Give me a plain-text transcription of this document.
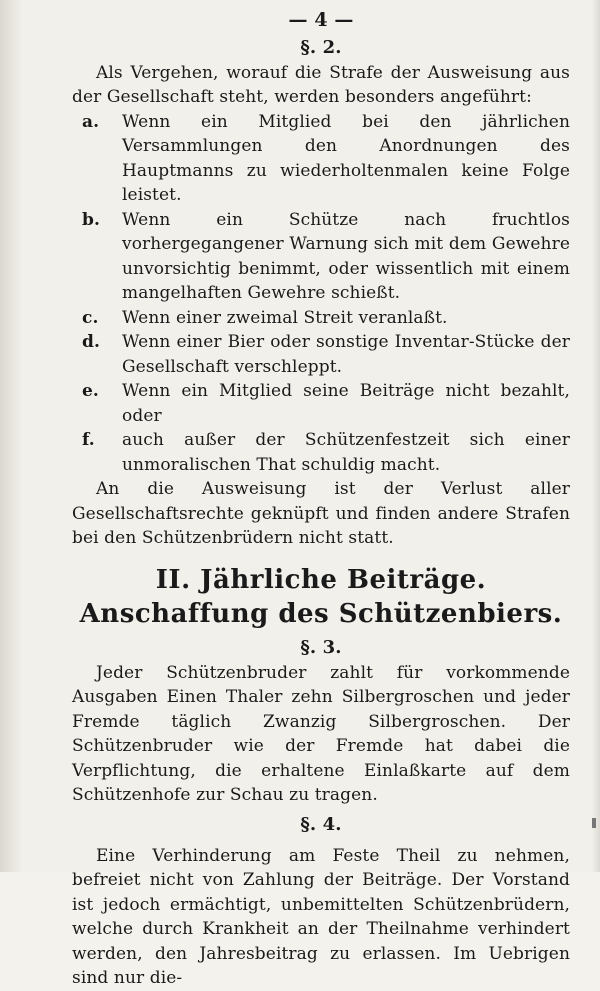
— 4 —
§. 2.
Als Vergehen, worauf die Strafe der Ausweisung aus der Gesellschaft steht, werden besonders angeführt:
a.	Wenn ein Mitglied bei den jährlichen Versammlungen den Anordnungen des Hauptmanns zu wiederholtenmalen keine Folge leistet.
b.	Wenn ein Schütze nach fruchtlos vorhergegangener Warnung sich mit dem Gewehre unvorsichtig benimmt, oder wissentlich mit einem mangelhaften Gewehre schießt.
c.	Wenn einer zweimal Streit veranlaßt.
d.	Wenn einer Bier oder sonstige Inventar-Stücke der Gesellschaft verschleppt.
e.	Wenn ein Mitglied seine Beiträge nicht bezahlt, oder
f.	auch außer der Schützenfestzeit sich einer unmoralischen That schuldig macht.
An die Ausweisung ist der Verlust aller Gesellschaftsrechte geknüpft und finden andere Strafen bei den Schützenbrüdern nicht statt.
II. Jährliche Beiträge.
Anschaffung des Schützenbiers.
§. 3.
Jeder Schützenbruder zahlt für vorkommende Ausgaben Einen Thaler zehn Silbergroschen und jeder Fremde täglich Zwanzig Silbergroschen. Der Schützenbruder wie der Fremde hat dabei die Verpflichtung, die erhaltene Einlaßkarte auf dem Schützenhofe zur Schau zu tragen.
§. 4.
Eine Verhinderung am Feste Theil zu nehmen, befreiet nicht von Zahlung der Beiträge. Der Vorstand ist jedoch ermächtigt, unbemittelten Schützenbrüdern, welche durch Krankheit an der Theilnahme verhindert werden, den Jahresbeitrag zu erlassen. Im Uebrigen sind nur die-
